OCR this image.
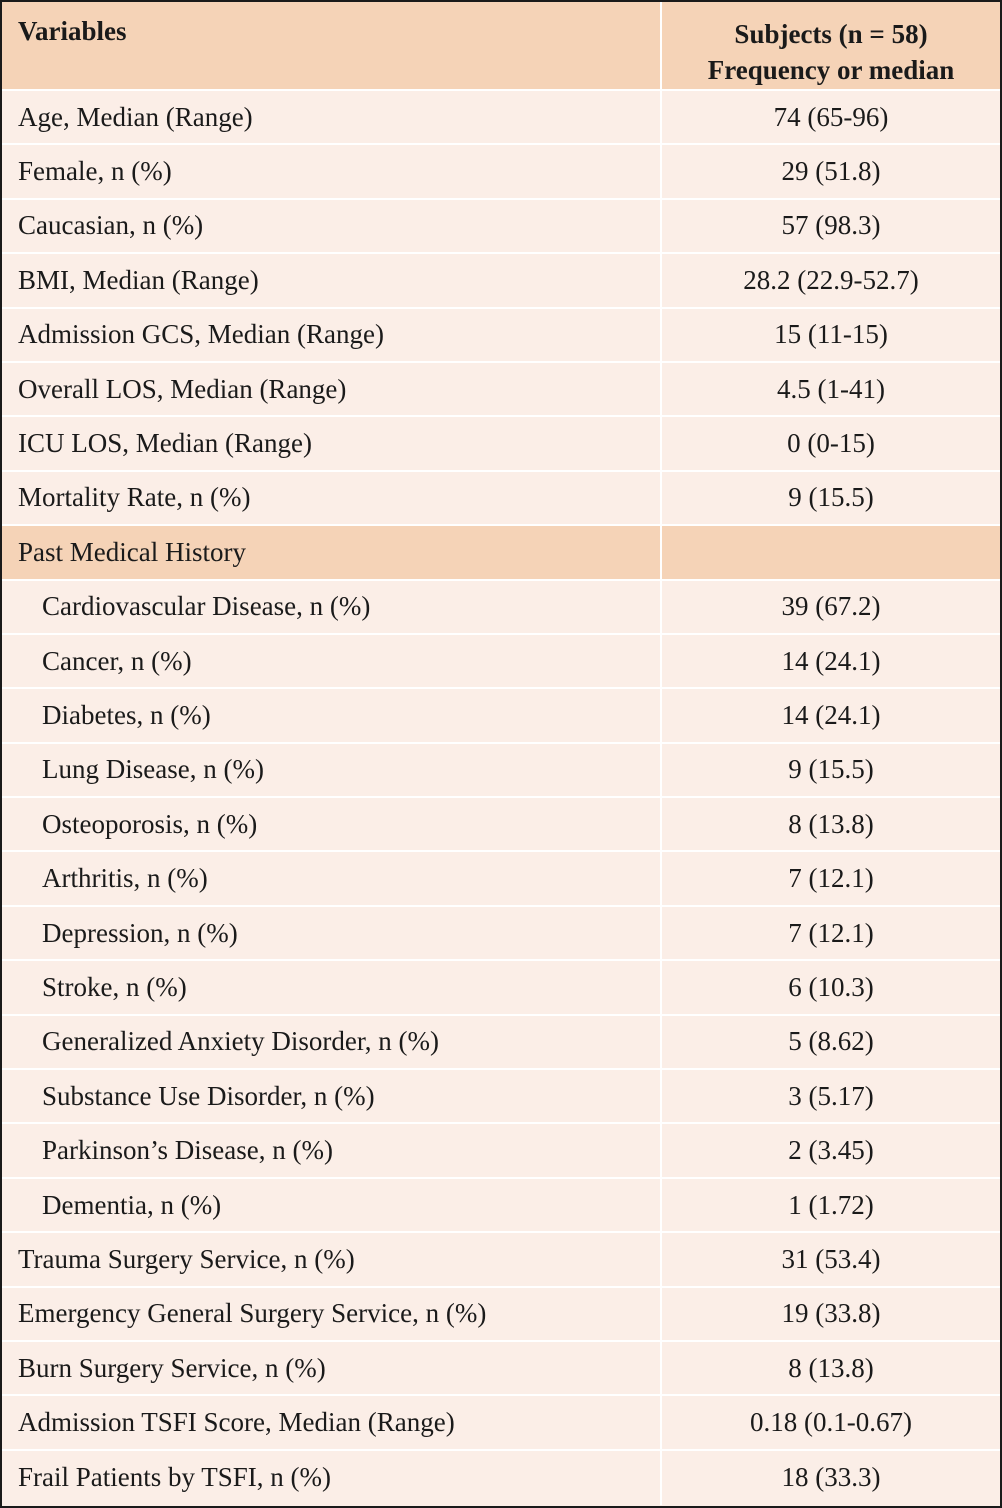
Variables	Subjects (n = 58)
Frequency or median
Age, Median (Range)	74 (65-96)
Female, n (%)	29 (51.8)
Caucasian, n (%)	57 (98.3)
BMI, Median (Range)	28.2 (22.9-52.7)
Admission GCS, Median (Range)	15 (11-15)
Overall LOS, Median (Range)	4.5 (1-41)
ICU LOS, Median (Range)	0 (0-15)
Mortality Rate, n (%)	9 (15.5)
Past Medical History
Cardiovascular Disease, n (%)	39 (67.2)
Cancer, n (%)	14 (24.1)
Diabetes, n (%)	14 (24.1)
Lung Disease, n (%)	9 (15.5)
Osteoporosis, n (%)	8 (13.8)
Arthritis, n (%)	7 (12.1)
Depression, n (%)	7 (12.1)
Stroke, n (%)	6 (10.3)
Generalized Anxiety Disorder, n (%)	5 (8.62)
Substance Use Disorder, n (%)	3 (5.17)
Parkinson’s Disease, n (%)	2 (3.45)
Dementia, n (%)	1 (1.72)
Trauma Surgery Service, n (%)	31 (53.4)
Emergency General Surgery Service, n (%)	19 (33.8)
Burn Surgery Service, n (%)	8 (13.8)
Admission TSFI Score, Median (Range)	0.18 (0.1-0.67)
Frail Patients by TSFI, n (%)	18 (33.3)
